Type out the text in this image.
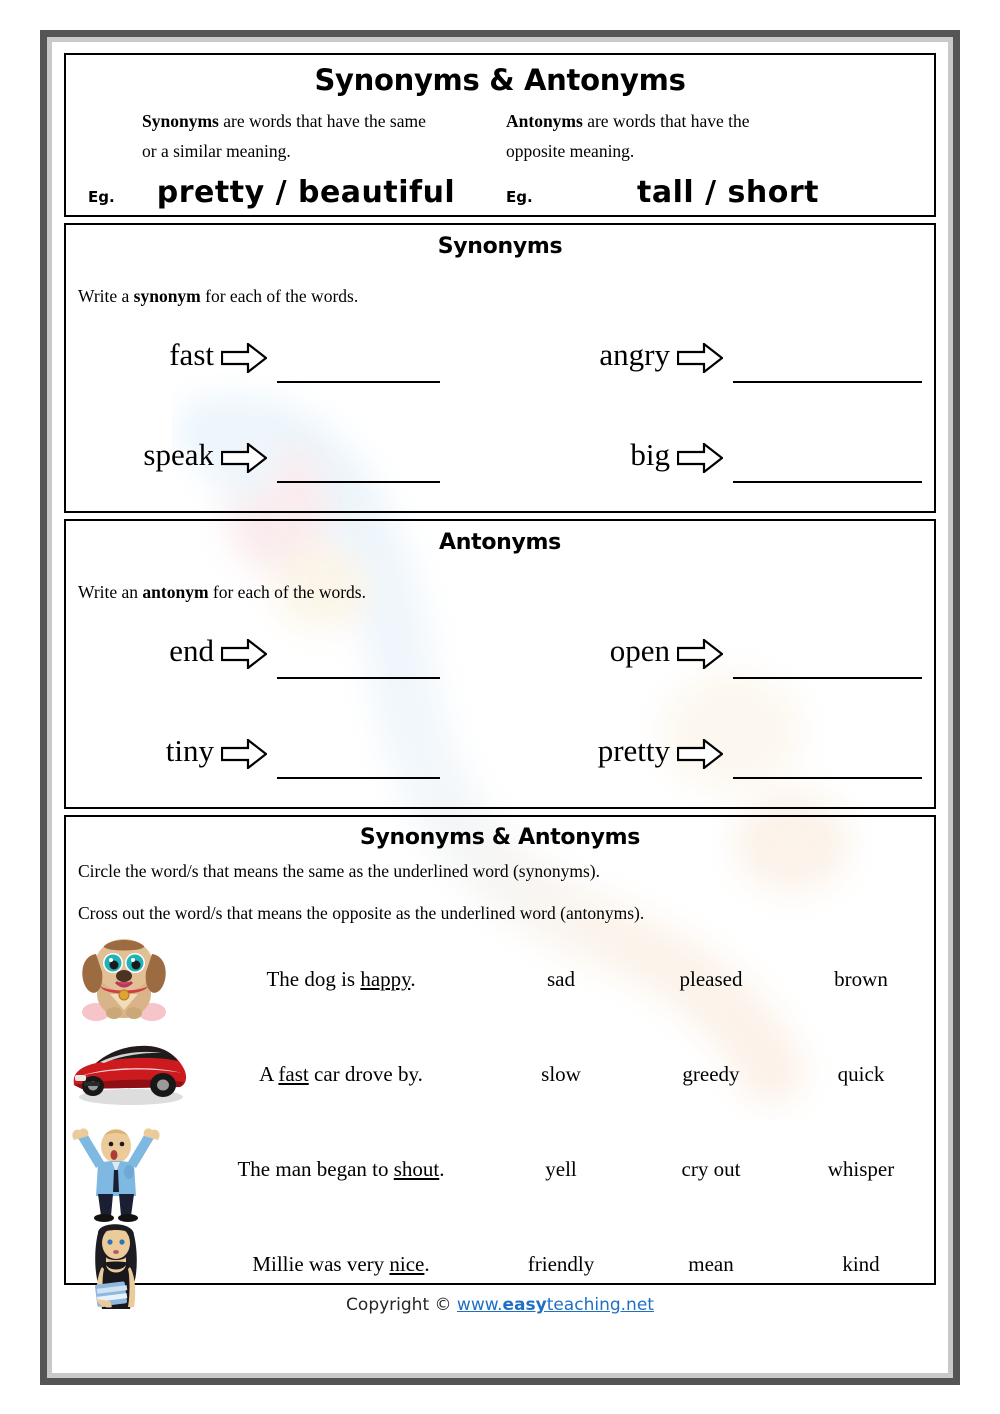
Synonyms & Antonyms
Synonyms are words that have the same
or a similar meaning.
Antonyms are words that have the
opposite meaning.
Eg.	pretty / beautiful	Eg.	tall / short
Synonyms
Write a synonym for each of the words.
fast	angry
speak	big
Antonyms
Write an antonym for each of the words.
end	open
tiny	pretty
Synonyms & Antonyms
Circle the word/s that means the same as the underlined word (synonyms).
Cross out the word/s that means the opposite as the underlined word (antonyms).
The dog is happy.	sad	pleased	brown
A fast car drove by.	slow	greedy	quick
The man began to shout.	yell	cry out	whisper
Millie was very nice.	friendly	mean	kind
Copyright © www.easyteaching.net
